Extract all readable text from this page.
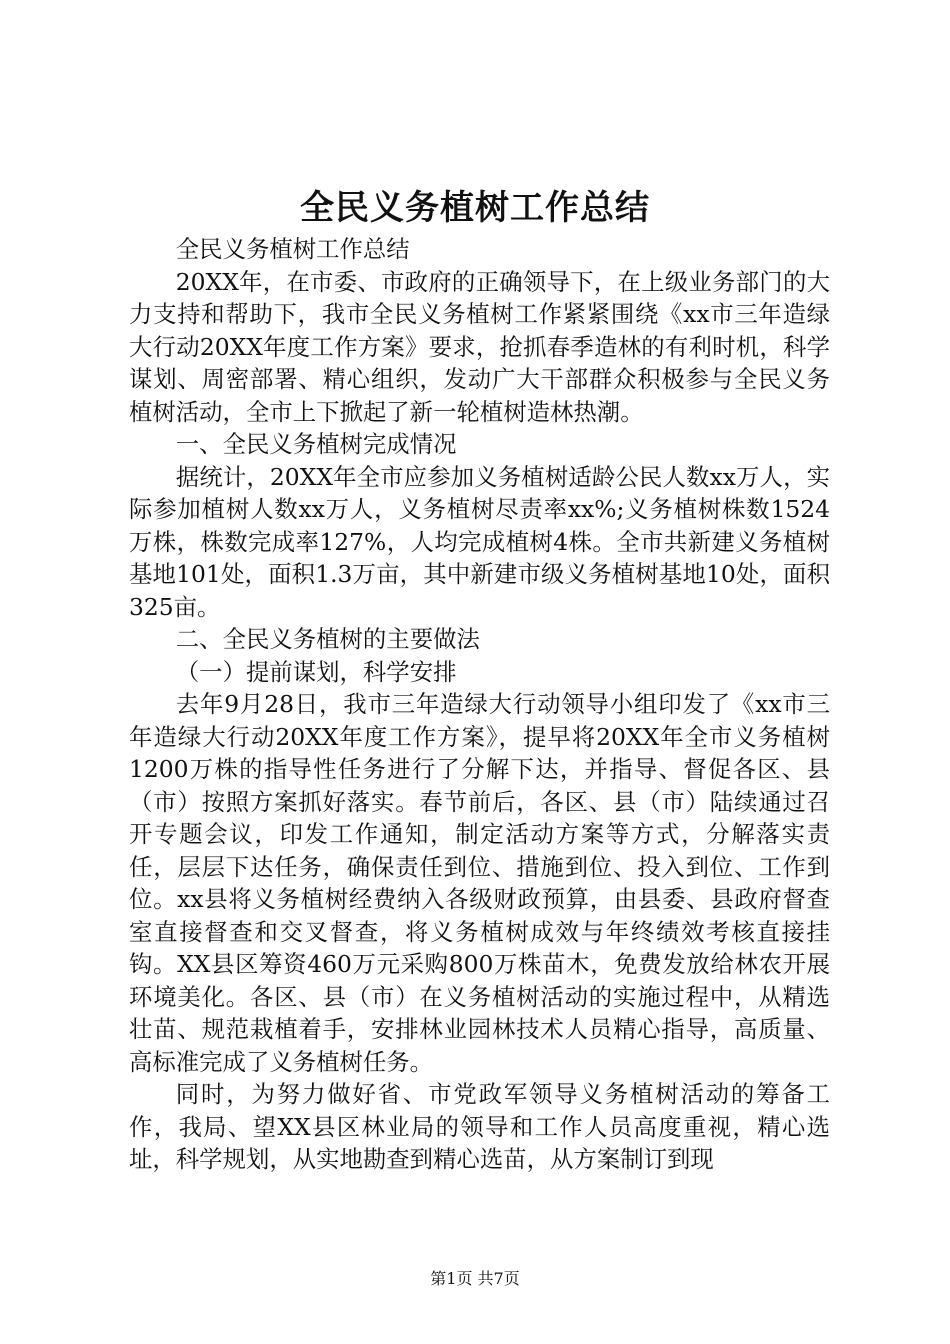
全民义务植树工作总结

全民义务植树工作总结

20XX年，在市委、市政府的正确领导下，在上级业务部门的大力支持和帮助下，我市全民义务植树工作紧紧围绕《xx市三年造绿大行动20XX年度工作方案》要求，抢抓春季造林的有利时机，科学谋划、周密部署、精心组织，发动广大干部群众积极参与全民义务植树活动，全市上下掀起了新一轮植树造林热潮。

一、全民义务植树完成情况

据统计，20XX年全市应参加义务植树适龄公民人数xx万人，实际参加植树人数xx万人，义务植树尽责率xx%;义务植树株数1524万株，株数完成率127%，人均完成植树4株。全市共新建义务植树基地101处，面积1.3万亩，其中新建市级义务植树基地10处，面积325亩。

二、全民义务植树的主要做法

（一）提前谋划，科学安排

去年9月28日，我市三年造绿大行动领导小组印发了《xx市三年造绿大行动20XX年度工作方案》，提早将20XX年全市义务植树1200万株的指导性任务进行了分解下达，并指导、督促各区、县（市）按照方案抓好落实。春节前后，各区、县（市）陆续通过召开专题会议，印发工作通知，制定活动方案等方式，分解落实责任，层层下达任务，确保责任到位、措施到位、投入到位、工作到位。xx县将义务植树经费纳入各级财政预算，由县委、县政府督查室直接督查和交叉督查，将义务植树成效与年终绩效考核直接挂钩。XX县区筹资460万元采购800万株苗木，免费发放给林农开展环境美化。各区、县（市）在义务植树活动的实施过程中，从精选壮苗、规范栽植着手，安排林业园林技术人员精心指导，高质量、高标准完成了义务植树任务。

同时，为努力做好省、市党政军领导义务植树活动的筹备工作，我局、望XX县区林业局的领导和工作人员高度重视，精心选址，科学规划，从实地勘查到精心选苗，从方案制订到现

第1页 共7页
